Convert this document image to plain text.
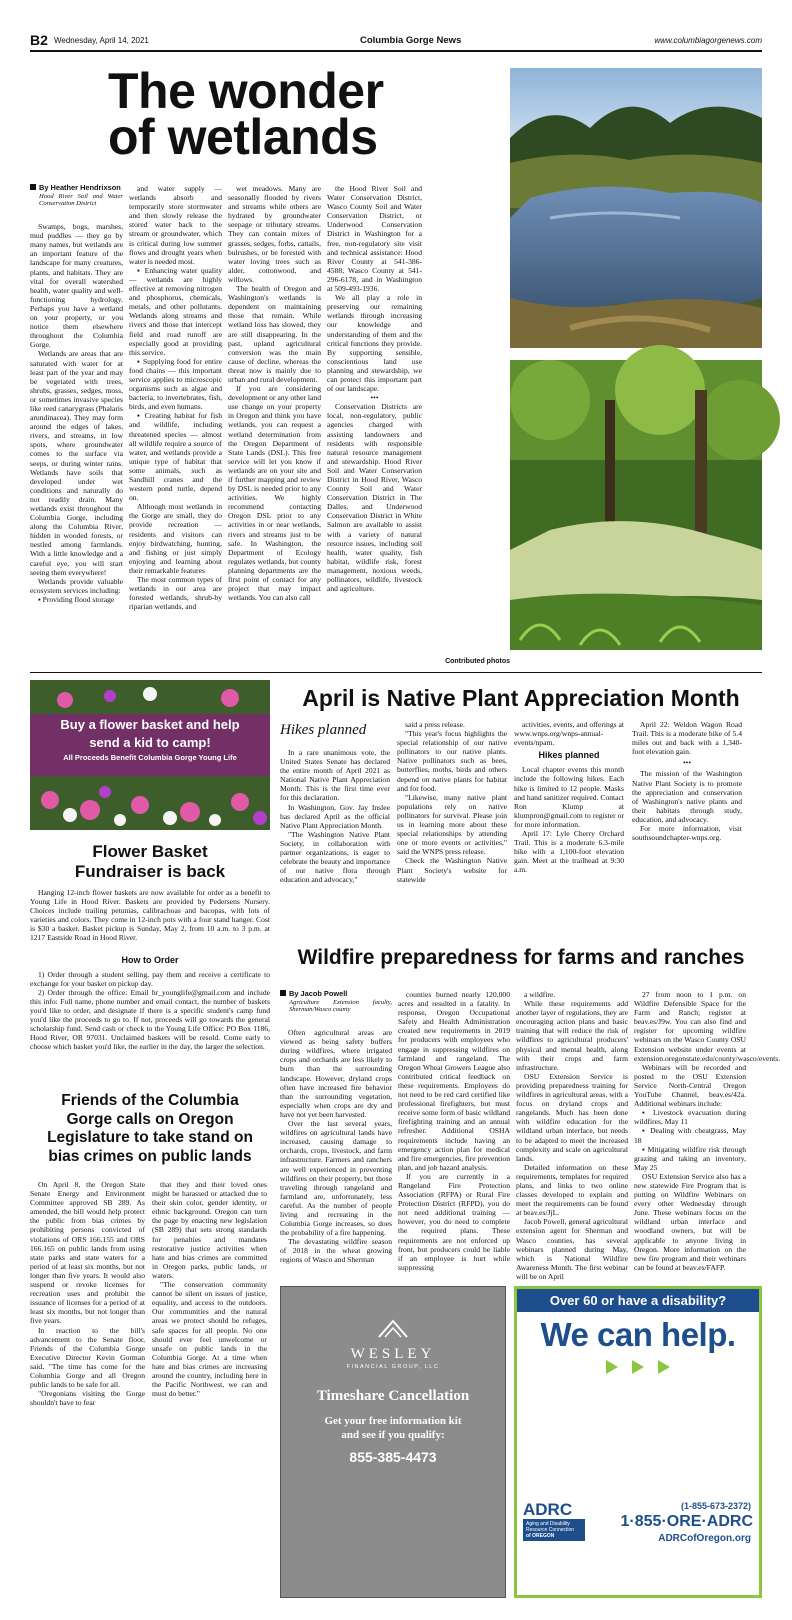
B2 Wednesday, April 14, 2021	Columbia Gorge News	www.columbiagorgenews.com
The wonder
of wetlands
By Heather Hendrixson
Hood River Soil and Water Conservation District

Swamps, bogs, marshes, mud puddles — they go by many names, but wetlands are an important feature of the landscape for many creatures, plants, and habitats. They are vital for overall watershed health, water quality and well-functioning hydrology. Perhaps you have a wetland on your property, or you notice them elsewhere throughout the Columbia Gorge.

Wetlands are areas that are saturated with water for at least part of the year and may be vegetated with trees, shrubs, grasses, sedges, moss, or sometimes invasive species like reed canarygrass (Phalaris arundinacea). They may form around the edges of lakes, rivers, and streams, in low spots, where groundwater comes to the surface via seeps, or during winter rains. Wetlands have soils that developed under wet conditions and naturally do not readily drain. Many wetlands exist throughout the Columbia Gorge, including along the Columbia River, hidden in wooded forests, or nestled among farmlands. With a little knowledge and a careful eye, you will start seeing them everywhere!

Wetlands provide valuable ecosystem services including:

▪ Providing flood storage

and water supply — wetlands absorb and temporarily store stormwater and then slowly release the stored water back to the stream or groundwater, which is critical during low summer flows and drought years when water is needed most.

▪ Enhancing water quality — wetlands are highly effective at removing nitrogen and phosphorus, chemicals, metals, and other pollutants. Wetlands along streams and rivers and those that intercept field and road runoff are especially good at providing this service.

▪ Supplying food for entire food chains — this important service applies to microscopic organisms such as algae and bacteria, to invertebrates, fish, birds, and even humans.

▪ Creating habitat for fish and wildlife, including threatened species — almost all wildlife require a source of water, and wetlands provide a unique type of habitat that some animals, such as Sandhill cranes and the western pond turtle, depend on.

Although most wetlands in the Gorge are small, they do provide recreation — residents and visitors can enjoy birdwatching, hunting, and fishing or just simply enjoying and learning about their remarkable features

The most common types of wetlands in our area are forested wetlands, shrub-by riparian wetlands, and

wet meadows. Many are seasonally flooded by rivers and streams while others are hydrated by groundwater seepage or tributary streams. They can contain mixes of grasses, sedges, forbs, cattails, bulrushes, or be forested with water loving trees such as alder, cottonwood, and willows.

The health of Oregon and Washington's wetlands is dependent on maintaining those that remain. While wetland loss has slowed, they are still disappearing. In the past, upland agricultural conversion was the main cause of decline, whereas the threat now is mainly due to urban and rural development.

If you are considering development or any other land use change on your property in Oregon and think you have wetlands, you can request a wetland determination from the Oregon Department of State Lands (DSL). This free service will let you know if wetlands are on your site and if further mapping and review by DSL is needed prior to any activities. We highly recommend contacting Oregon DSL prior to any activities in or near wetlands, rivers and streams just to be safe. In Washington, the Department of Ecology regulates wetlands, but county planning departments are the first point of contact for any project that may impact wetlands. You can also call

the Hood River Soil and Water Conservation District, Wasco County Soil and Water Conservation District, or Underwood Conservation District in Washington for a free, non-regulatory site visit and technical assistance: Hood River County at 541-386-4588, Wasco County at 541-296-6178, and in Washington at 509-493-1936.

We all play a role in preserving our remaining wetlands through increasing our knowledge and understanding of them and the critical functions they provide. By supporting sensible, conscientious land use planning and stewardship, we can protect this important part of our landscape.

•••

Conservation Districts are local, non-regulatory, public agencies charged with assisting landowners and residents with responsible natural resource management and stewardship. Hood River Soil and Water Conservation District in Hood River, Wasco County Soil and Water Conservation District in The Dalles, and Underwood Conservation District in White Salmon are available to assist with a variety of natural resource issues, including soil health, water quality, fish habitat, wildlife risk, forest management, noxious weeds, pollinators, wildlife, livestock and agriculture.

Contributed photos
Buy a flower basket and help
send a kid to camp!
All Proceeds Benefit Columbia Gorge Young Life
Flower Basket
Fundraiser is back

Hanging 12-inch flower baskets are now available for order as a benefit to Young Life in Hood River. Baskets are provided by Pedersens Nursery. Choices include trailing petunias, calibrachoas and bacopas, with lots of varieties and colors. They come in 12-inch pots with a four stand hanger. Cost is $30 a basket. Basket pickup is Sunday, May 2, from 10 a.m. to 3 p.m. at 1217 Eastside Road in Hood River.

How to Order

1) Order through a student selling, pay them and receive a certificate to exchange for your basket on pickup day.

2) Order through the office: Email hr_younglife@gmail.com and include this info: Full name, phone number and email contact, the number of baskets you'd like to order, and designate if there is a specific student's camp fund you'd like the proceeds to go to. If not, proceeds will go towards the general scholarship fund. Send cash or check to the Young Life Office: PO Box 1186, Hood River, OR 97031. Unclaimed baskets will be resold. Come early to choose which basket you'd like, the earlier in the day, the larger the selection.

April is Native Plant Appreciation Month
Hikes planned

In a rare unanimous vote, the United States Senate has declared the entire month of April 2021 as National Native Plant Appreciation Month. This is the first time ever for this declaration.

In Washington, Gov. Jay Inslee has declared April as the official Native Plant Appreciation Month.

"The Washington Native Plant Society, in collaboration with partner organizations, is eager to celebrate the beauty and importance of our native flora through education and advocacy,"

said a press release.

"This year's focus highlights the special relationship of our native pollinators to our native plants. Native pollinators such as bees, butterflies, moths, birds and others depend on native plants for habitat and for food.

"Likewise, many native plant populations rely on native pollinators for survival. Please join us in learning more about these special relationships by attending one or more events or activities," said the WNPS press release.

Check the Washington Native Plant Society's website for statewide

activities, events, and offerings at www.wnps.org/wnps-annual-events/npam.

Hikes planned

Local chapter events this month include the following hikes. Each hike is limited to 12 people. Masks and hand sanitizer required. Contact Ron Klump at klumpron@gmail.com to register or for more information.

April 17: Lyle Cherry Orchard Trail. This is a moderate 6.3-mile hike with a 1,100-foot elevation gain. Meet at the trailhead at 9:30 a.m.

April 22: Weldon Wagon Road Trail. This is a moderate hike of 5.4 miles out and back with a 1,340-foot elevation gain.

•••

The mission of the Washington Native Plant Society is to promote the appreciation and conservation of Washington's native plants and their habitats through study, education, and advocacy.

For more information, visit southsoundchapter-wnps.org.

Wildfire preparedness for farms and ranches
By Jacob Powell
Agriculture Extension faculty, Sherman/Wasco county

Often agricultural areas are viewed as being safety buffers during wildfires, where irrigated crops and orchards are less likely to burn than the surrounding landscape. However, dryland crops often have increased fire behavior than the surrounding vegetation, especially when crops are dry and have not yet been harvested.

Over the last several years, wildfires on agricultural lands have increased, causing damage to orchards, crops, livestock, and farm infrastructure. Farmers and ranchers are well experienced in preventing wildfires on their property, but those traveling through rangeland and farmland are, unfortunately, less careful. As the number of people living and recreating in the Columbia Gorge increases, so does the probability of a fire happening.

The devastating wildfire season of 2018 in the wheat growing regions of Wasco and Sherman

counties burned nearly 120,000 acres and resulted in a fatality. In response, Oregon Occupational Safety and Health Administration created new requirements in 2019 for producers with employees who engage in suppressing wildfires on farmland and rangeland. The Oregon Wheat Growers League also contributed critical feedback on these requirements. Employees do not need to be red card certified like professional firefighters, but must receive some form of basic wildland firefighting training and an annual refresher. Additional OSHA requirements include having an emergency action plan for medical and fire emergencies, fire prevention plan, and job hazard analysis.

If you are currently in a Rangeland Fire Protection Association (RFPA) or Rural Fire Protection District (RFPD), you do not need additional training — however, you do need to complete the required plans. These requirements are not enforced up front, but producers could be liable if an employee is hurt while suppressing

a wildfire.

While these requirements add another layer of regulations, they are encouraging action plans and basic training that will reduce the risk of wildfires to agricultural producers' physical and mental health, along with their crops and farm infrastructure.

OSU Extension Service is providing preparedness training for wildfires in agricultural areas, with a focus on dryland crops and rangelands. Much has been done with wildfire education for the wildland urban interface, but needs to be adapted to meet the increased complexity and scale on agricultural lands.

Detailed information on these requirements, templates for required plans, and links to two online classes developed to explain and meet the requirements can be found at beav.es/JjL.

Jacob Powell, general agricultural extension agent for Sherman and Wasco counties, has several webinars planned during May, which is National Wildfire Awareness Month. The first webinar will be on April

27 from noon to 1 p.m. on Wildfire Defensible Space for the Farm and Ranch; register at beav.es/J9w. You can also find and register for upcoming wildfire webinars on the Wasco County OSU Extension website under events at extension.oregonstate.edu/county/wasco/events.

Webinars will be recorded and posted to the OSU Extension Service North-Central Oregon YouTube Channel, beav.es/42a. Additional webinars include:

▪ Livestock evacuation during wildfires, May 11

▪ Dealing with cheatgrass, May 18

▪ Mitigating wildfire risk through grazing and taking an inventory, May 25

OSU Extension Service also has a new statewide Fire Program that is putting on Wildfire Webinars on every other Wednesday through June. These webinars focus on the wildland urban interface and woodland owners, but will be applicable to anyone living in Oregon. More information on the new fire program and their webinars can be found at beav.es/FAFP.

Friends of the Columbia
Gorge calls on Oregon
Legislature to take stand on
bias crimes on public lands

On April 8, the Oregon State Senate Energy and Environment Committee approved SB 289. As amended, the bill would help protect the public from bias crimes by prohibiting persons convicted of violations of ORS 166.155 and ORS 166.165 on public lands from using state parks and state waters for a period of at least six months, but not longer than five years. It would also suspend or revoke licenses for recreation uses and prohibit the issuance of licenses for a period of at least six months, but not longer than five years.

In reaction to the bill's advancement to the Senate floor, Friends of the Columbia Gorge Executive Director Kevin Gorman said, "The time has come for the Columbia Gorge and all Oregon public lands to be safe for all.

"Oregonians visiting the Gorge shouldn't have to fear

that they and their loved ones might be harassed or attacked due to their skin color, gender identity, or ethnic background. Oregon can turn the page by enacting new legislation (SB 289) that sets strong standards for penalties and mandates restorative justice activities when hate and bias crimes are committed in Oregon parks, public lands, or waters.

"The conservation community cannot be silent on issues of justice, equality, and access to the outdoors. Our communities and the natural areas we protect should be refuges, safe spaces for all people. No one should ever feel unwelcome or unsafe on public lands in the Columbia Gorge. At a time when hate and bias crimes are increasing around the country, including here in the Pacific Northwest, we can and must do better."

WESLEY
FINANCIAL GROUP, LLC
Timeshare Cancellation
Get your free information kit
and see if you qualify:
855-385-4473
Over 60 or have a disability?
We can help.

ADRC
Aging and Disability
Resource Connection
of OREGON
(1-855-673-2372)
1·855·ORE·ADRC
ADRCofOregon.org
